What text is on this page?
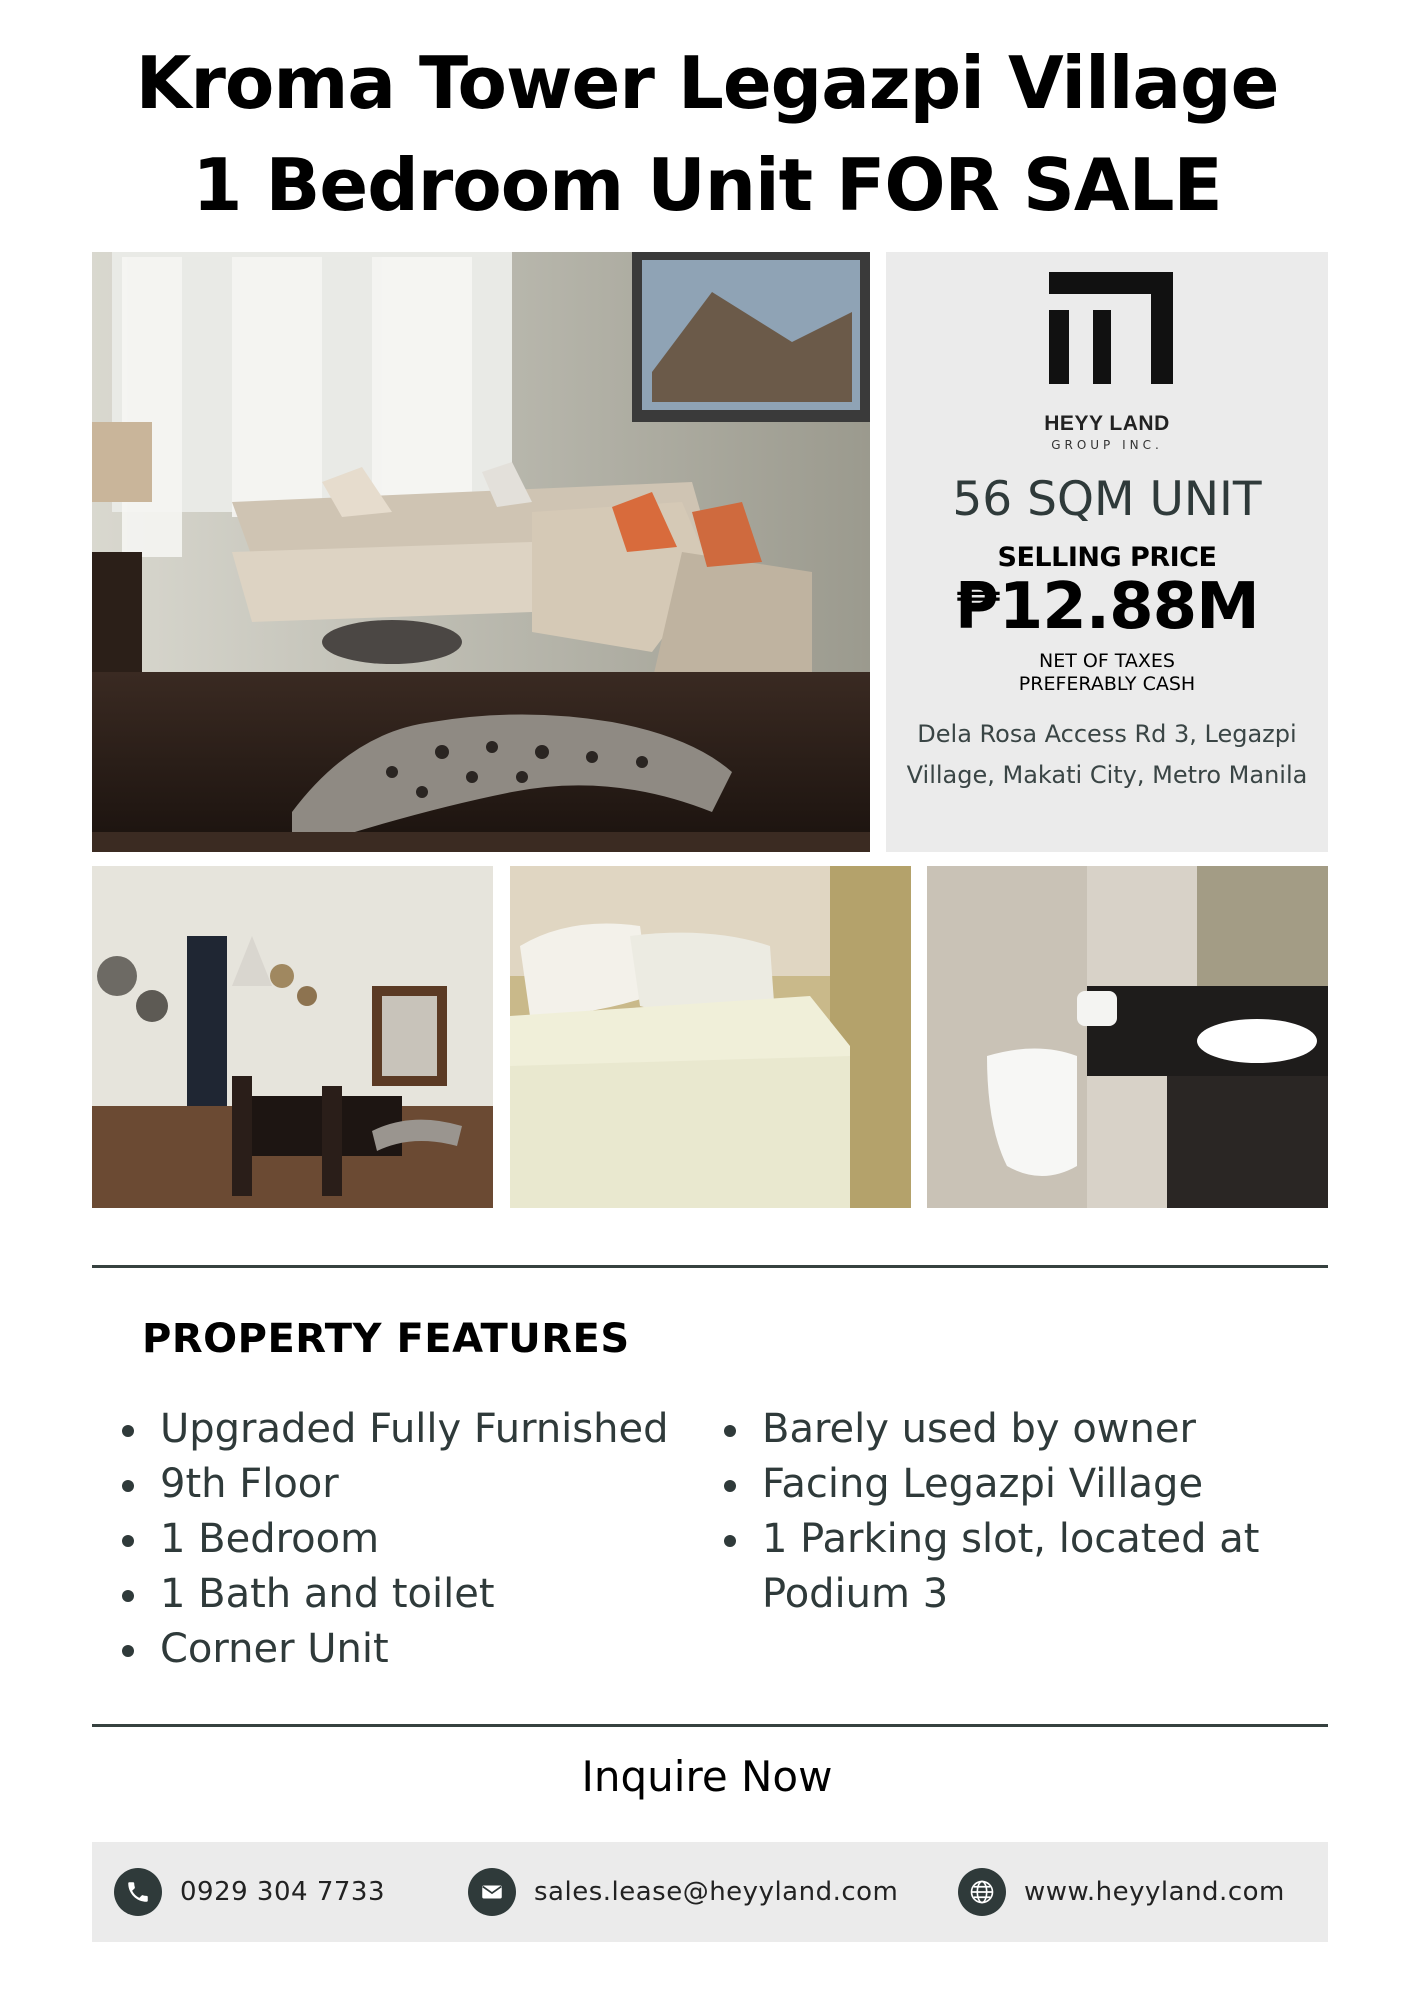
Kroma Tower Legazpi Village
1 Bedroom Unit FOR SALE
HEYY LAND
GROUP INC.
56 SQM UNIT
SELLING PRICE
₱12.88M
NET OF TAXES
PREFERABLY CASH
Dela Rosa Access Rd 3, Legazpi Village, Makati City, Metro Manila
PROPERTY FEATURES
Upgraded Fully Furnished
9th Floor
1 Bedroom
1 Bath and toilet
Corner Unit
Barely used by owner
Facing Legazpi Village
1 Parking slot, located at Podium 3
Inquire Now
0929 304 7733	sales.lease@heyyland.com	www.heyyland.com
